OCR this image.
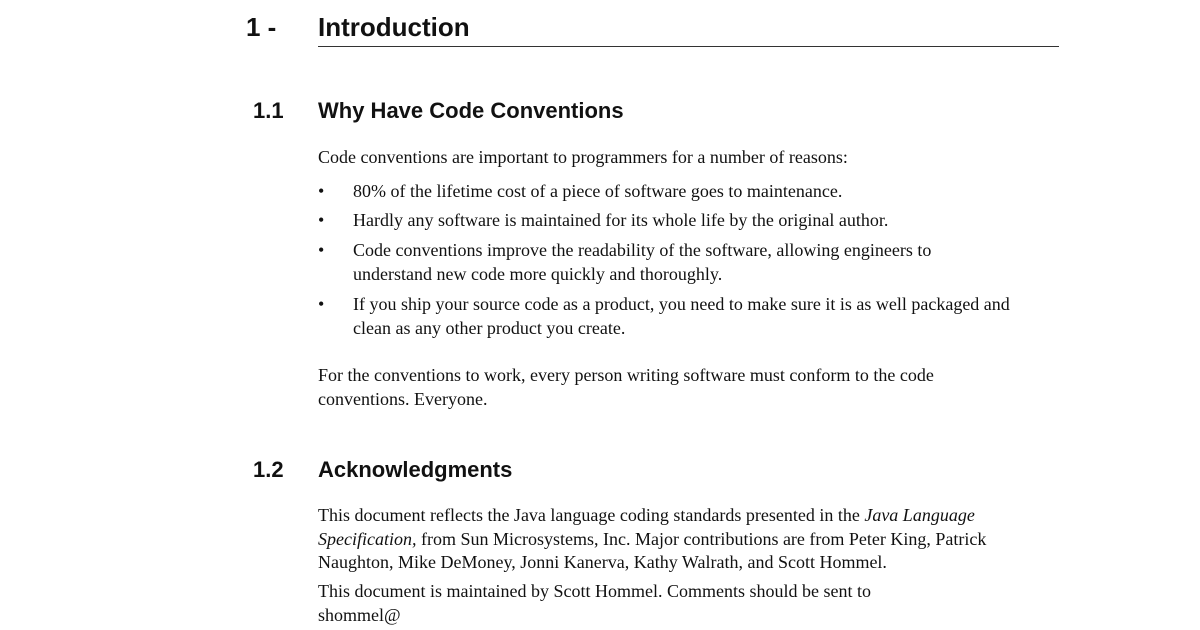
1 - Introduction
1.1 Why Have Code Conventions

Code conventions are important to programmers for a number of reasons:

• 80% of the lifetime cost of a piece of software goes to maintenance.
• Hardly any software is maintained for its whole life by the original author.
• Code conventions improve the readability of the software, allowing engineers to understand new code more quickly and thoroughly.
• If you ship your source code as a product, you need to make sure it is as well packaged and clean as any other product you create.

For the conventions to work, every person writing software must conform to the code conventions. Everyone.

1.2 Acknowledgments

This document reflects the Java language coding standards presented in the Java Language Specification, from Sun Microsystems, Inc. Major contributions are from Peter King, Patrick Naughton, Mike DeMoney, Jonni Kanerva, Kathy Walrath, and Scott Hommel.

This document is maintained by Scott Hommel. Comments should be sent to shommel@
